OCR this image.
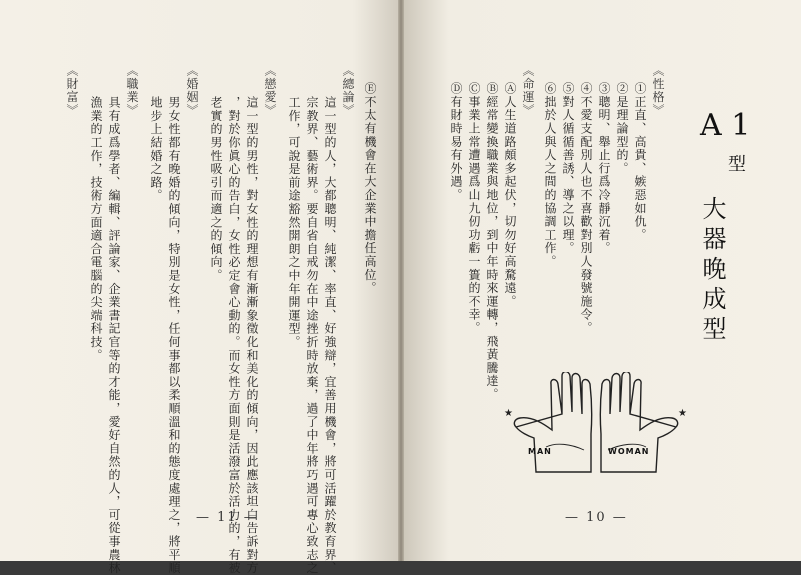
A 1
型
大器晚成型
《性格》
①正直、高貴、嫉惡如仇。
②是理論型的。
③聰明、舉止行爲冷靜沉着。
④不愛支配別人也不喜歡對別人發號施令。
⑤對人循循善誘、導之以理。
⑥拙於人與人之間的協調工作。
《命運》
Ⓐ人生道路頗多起伏，切勿好高騖遠。
Ⓑ經常變換職業與地位，到中年時來運轉，飛黃騰達。
Ⓒ事業上常遭遇爲山九仞功虧一簣的不幸。
Ⓓ有財時易有外遇。
★	★
MAN	WOMAN
— 10 —
Ⓔ不太有機會在大企業中擔任高位。
《總論》
這一型的人，大都聰明、純潔、率直、好強辯，宜善用機會，將可活躍於教育界、
宗教界、藝術界。要自省自戒勿在中途挫折時放棄，過了中年將巧遇可專心致志之
工作，可說是前途豁然開朗之中年開運型。
《戀愛》
這一型的男性，對女性的理想有漸漸象徵化和美化的傾向，因此應該坦白告訴對方
，對於你眞心的告白，女性必定會心動的。而女性方面則是活潑富於活力的，有被
老實的男性吸引而適之的傾向。
《婚姻》
男女性都有晚婚的傾向，特別是女性，任何事都以柔順溫和的態度處理之，將平順
地步上結婚之路。
《職業》
具有成爲學者、編輯、評論家、企業書記官等的才能，愛好自然的人，可從事農林
漁業的工作，技術方面適合電腦的尖端科技。
《財富》
— 11 —
